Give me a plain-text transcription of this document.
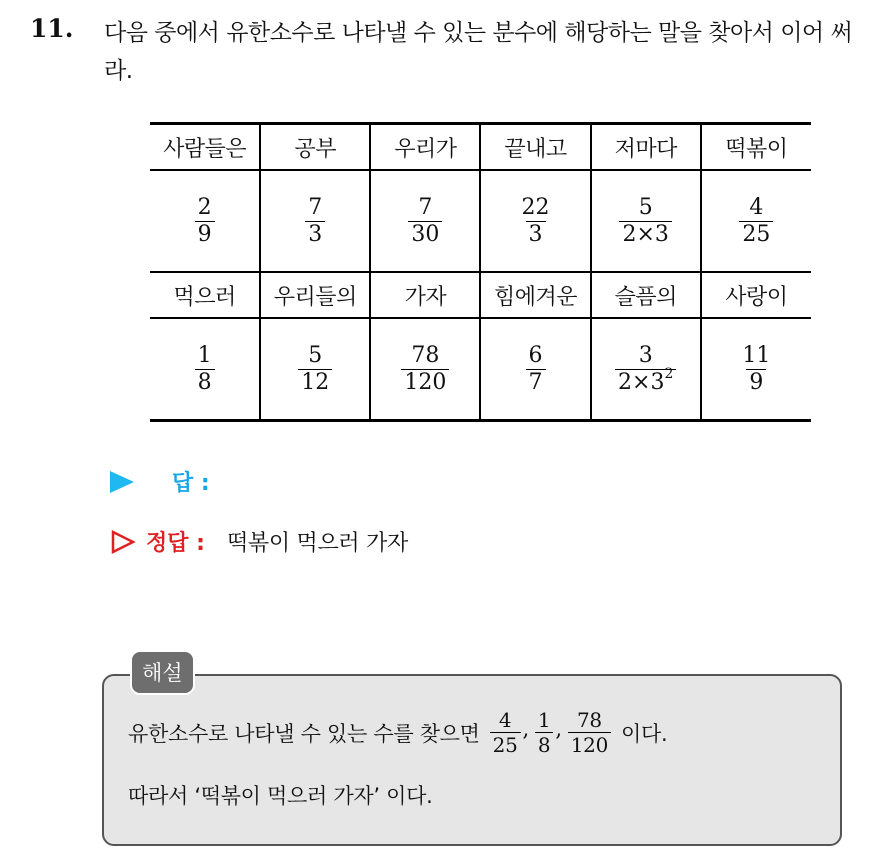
11. 다음 중에서 유한소수로 나타낼 수 있는 분수에 해당하는 말을 찾아서 이어 써라.
사람들은	공부	우리가	끝내고	저마다	떡볶이

$\frac{2}{9}$	$\frac{7}{3}$	$\frac{7}{30}$	$\frac{22}{3}$	$\frac{5}{2\times 3}$	$\frac{4}{25}$

먹으러	우리들의	가자	힘에겨운	슬픔의	사랑이

$\frac{1}{8}$	$\frac{5}{12}$	$\frac{78}{120}$	$\frac{6}{7}$	$\frac{3}{2\times 3^2}$	$\frac{11}{9}$
답 :
정답 : 떡볶이 먹으러 가자
해설
유한소수로 나타낼 수 있는 수를 찾으면 $\frac{4}{25}$ , $\frac{1}{8}$ , $\frac{78}{120}$ 이다.
따라서 ‘떡볶이 먹으러 가자’ 이다.
